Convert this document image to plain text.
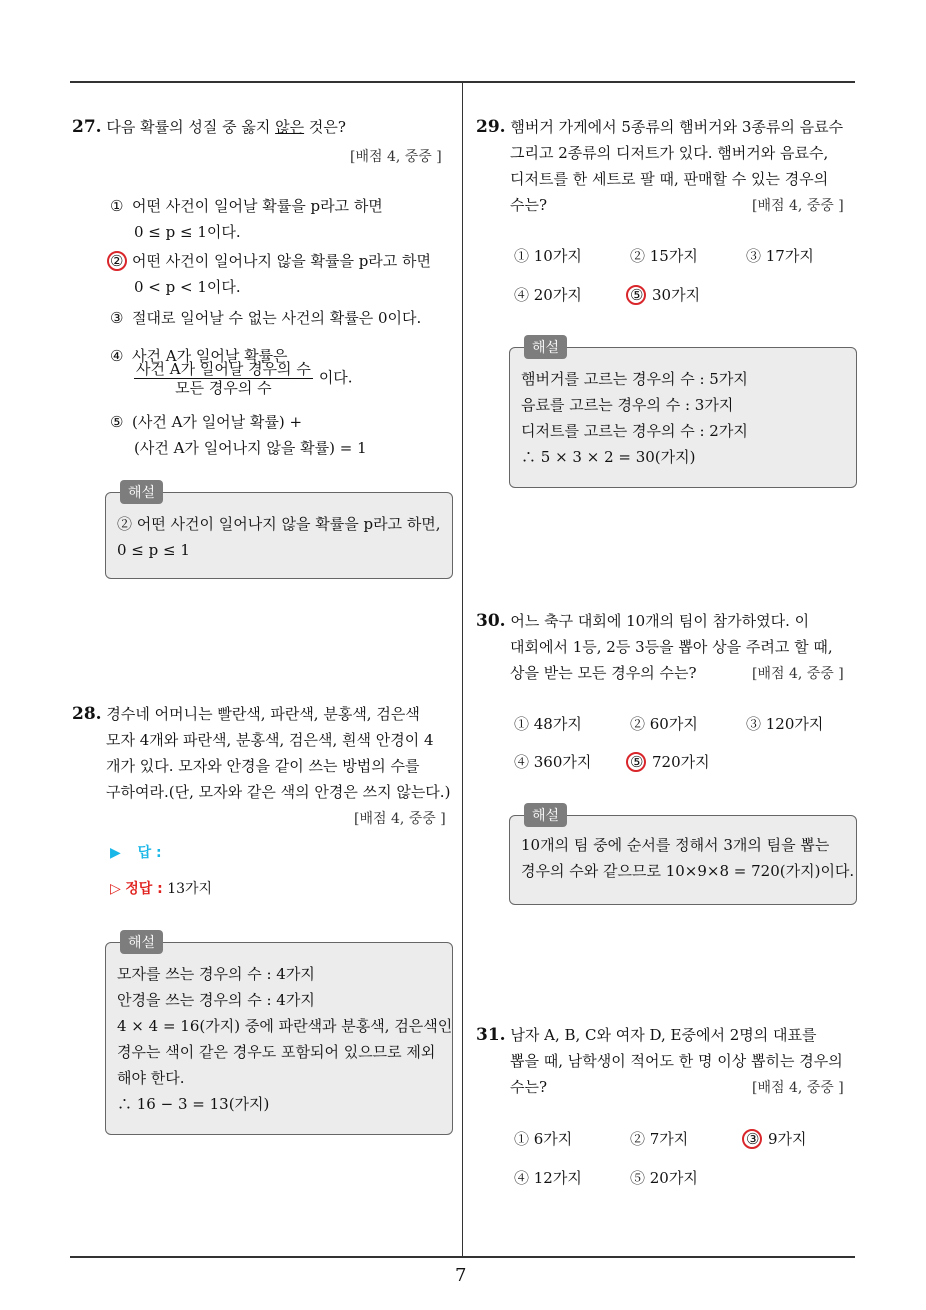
7
27. 다음 확률의 성질 중 옳지 않은 것은?
[배점 4, 중중 ]
① 어떤 사건이 일어날 확률을 p라고 하면
0 ≤ p ≤ 1이다.
② 어떤 사건이 일어나지 않을 확률을 p라고 하면
0 < p < 1이다.
③ 절대로 일어날 수 없는 사건의 확률은 0이다.
④ 사건 A가 일어날 확률은
$\frac{\text{사건 A가 일어날 경우의 수}}{\text{모든 경우의 수}}$ 이다.
⑤ (사건 A가 일어날 확률) +
(사건 A가 일어나지 않을 확률) = 1
해설
② 어떤 사건이 일어나지 않을 확률을 p라고 하면,
0 ≤ p ≤ 1
28. 경수네 어머니는 빨란색, 파란색, 분홍색, 검은색
모자 4개와 파란색, 분홍색, 검은색, 흰색 안경이 4
개가 있다. 모자와 안경을 같이 쓰는 방법의 수를
구하여라.(단, 모자와 같은 색의 안경은 쓰지 않는다.)
[배점 4, 중중 ]
▶ 답 :
▷ 정답 : 13가지
해설
모자를 쓰는 경우의 수 : 4가지
안경을 쓰는 경우의 수 : 4가지
4 × 4 = 16(가지) 중에 파란색과 분홍색, 검은색인
경우는 색이 같은 경우도 포함되어 있으므로 제외
해야 한다.
∴ 16 − 3 = 13(가지)
29. 햄버거 가게에서 5종류의 햄버거와 3종류의 음료수
그리고 2종류의 디저트가 있다. 햄버거와 음료수,
디저트를 한 세트로 팔 때, 판매할 수 있는 경우의
수는?	[배점 4, 중중 ]
① 10가지	② 15가지	③ 17가지
④ 20가지	⑤ 30가지
해설
햄버거를 고르는 경우의 수 : 5가지
음료를 고르는 경우의 수 : 3가지
디저트를 고르는 경우의 수 : 2가지
∴ 5 × 3 × 2 = 30(가지)
30. 어느 축구 대회에 10개의 팀이 참가하였다. 이
대회에서 1등, 2등 3등을 뽑아 상을 주려고 할 때,
상을 받는 모든 경우의 수는?	[배점 4, 중중 ]
① 48가지	② 60가지	③ 120가지
④ 360가지	⑤ 720가지
해설
10개의 팀 중에 순서를 정해서 3개의 팀을 뽑는
경우의 수와 같으므로 10×9×8 = 720(가지)이다.
31. 남자 A, B, C와 여자 D, E중에서 2명의 대표를
뽑을 때, 남학생이 적어도 한 명 이상 뽑히는 경우의
수는?	[배점 4, 중중 ]
① 6가지	② 7가지	③ 9가지
④ 12가지	⑤ 20가지
